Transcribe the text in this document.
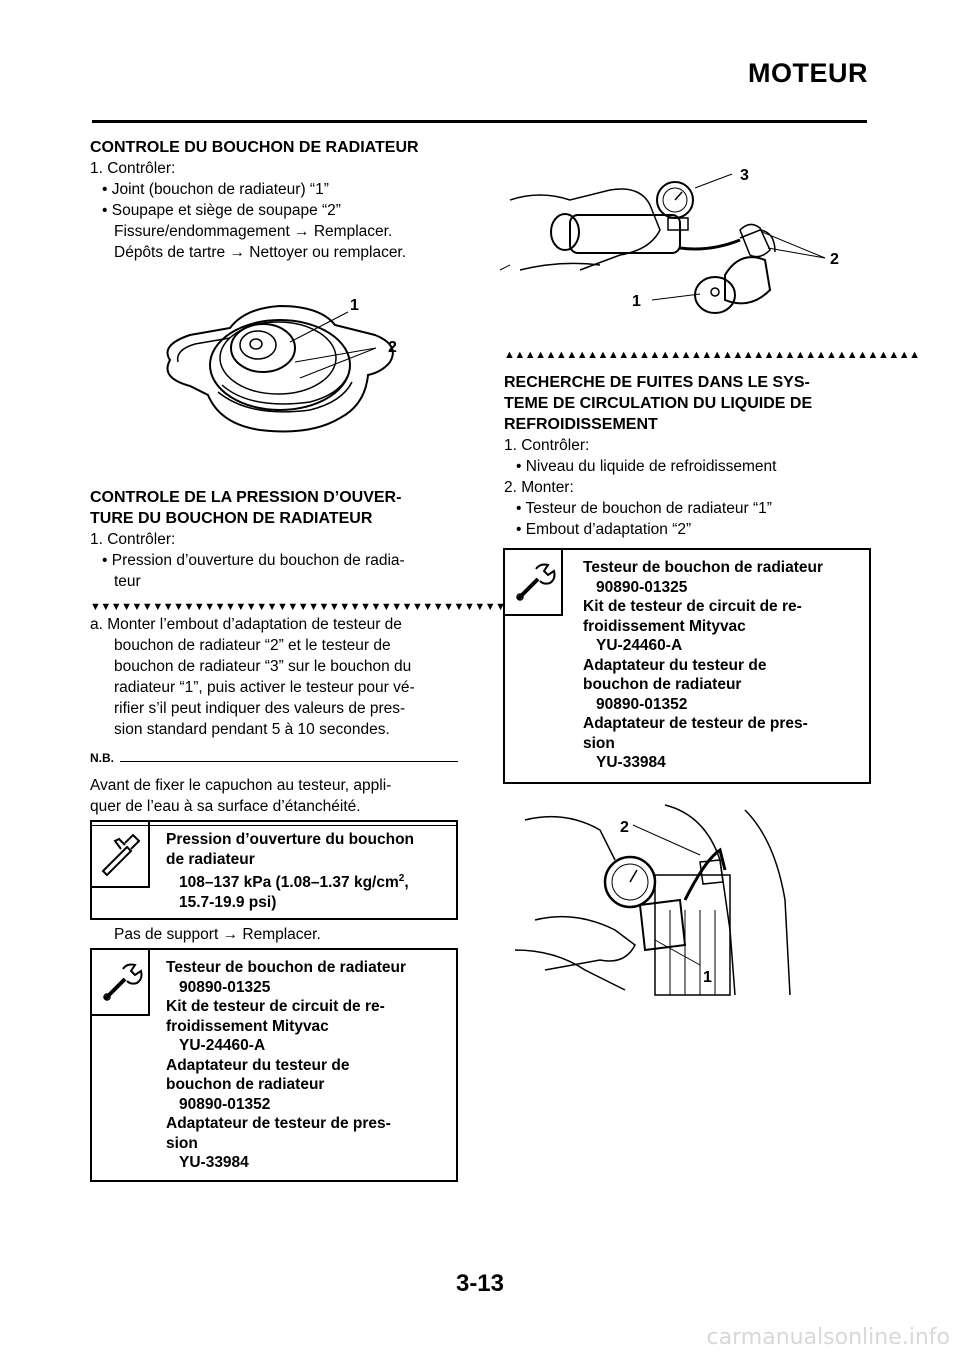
MOTEUR
CONTROLE DU BOUCHON DE RADIATEUR
1. Contrôler:
• Joint (bouchon de radiateur) “1”
• Soupape et siège de soupape “2”
Fissure/endommagement → Remplacer.
Dépôts de tartre → Nettoyer ou remplacer.
1
2
CONTROLE DE LA PRESSION D’OUVER-
TURE DU BOUCHON DE RADIATEUR
1. Contrôler:
• Pression d’ouverture du bouchon de radia-
teur
▼▼▼▼▼▼▼▼▼▼▼▼▼▼▼▼▼▼▼▼▼▼▼▼▼▼▼▼▼▼▼▼▼▼▼▼▼▼▼▼
a. Monter l’embout d’adaptation de testeur de
bouchon de radiateur “2” et le testeur de
bouchon de radiateur “3” sur le bouchon du
radiateur “1”, puis activer le testeur pour vé-
rifier s’il peut indiquer des valeurs de pres-
sion standard pendant 5 à 10 secondes.
N.B.
Avant de fixer le capuchon au testeur, appli-
quer de l’eau à sa surface d’étanchéité.
Pression d’ouverture du bouchon
de radiateur
108–137 kPa (1.08–1.37 $kg/cm^2$,
15.7-19.9 psi)
Pas de support → Remplacer.
Testeur de bouchon de radiateur
90890-01325
Kit de testeur de circuit de re-
froidissement Mityvac
YU-24460-A
Adaptateur du testeur de
bouchon de radiateur
90890-01352
Adaptateur de testeur de pres-
sion
YU-33984
3
2
1
▲▲▲▲▲▲▲▲▲▲▲▲▲▲▲▲▲▲▲▲▲▲▲▲▲▲▲▲▲▲▲▲▲▲▲▲▲▲▲▲
RECHERCHE DE FUITES DANS LE SYS-
TEME DE CIRCULATION DU LIQUIDE DE
REFROIDISSEMENT
1. Contrôler:
• Niveau du liquide de refroidissement
2. Monter:
• Testeur de bouchon de radiateur “1”
• Embout d’adaptation “2”
Testeur de bouchon de radiateur
90890-01325
Kit de testeur de circuit de re-
froidissement Mityvac
YU-24460-A
Adaptateur du testeur de
bouchon de radiateur
90890-01352
Adaptateur de testeur de pres-
sion
YU-33984
2
1
3-13
carmanualsonline.info
